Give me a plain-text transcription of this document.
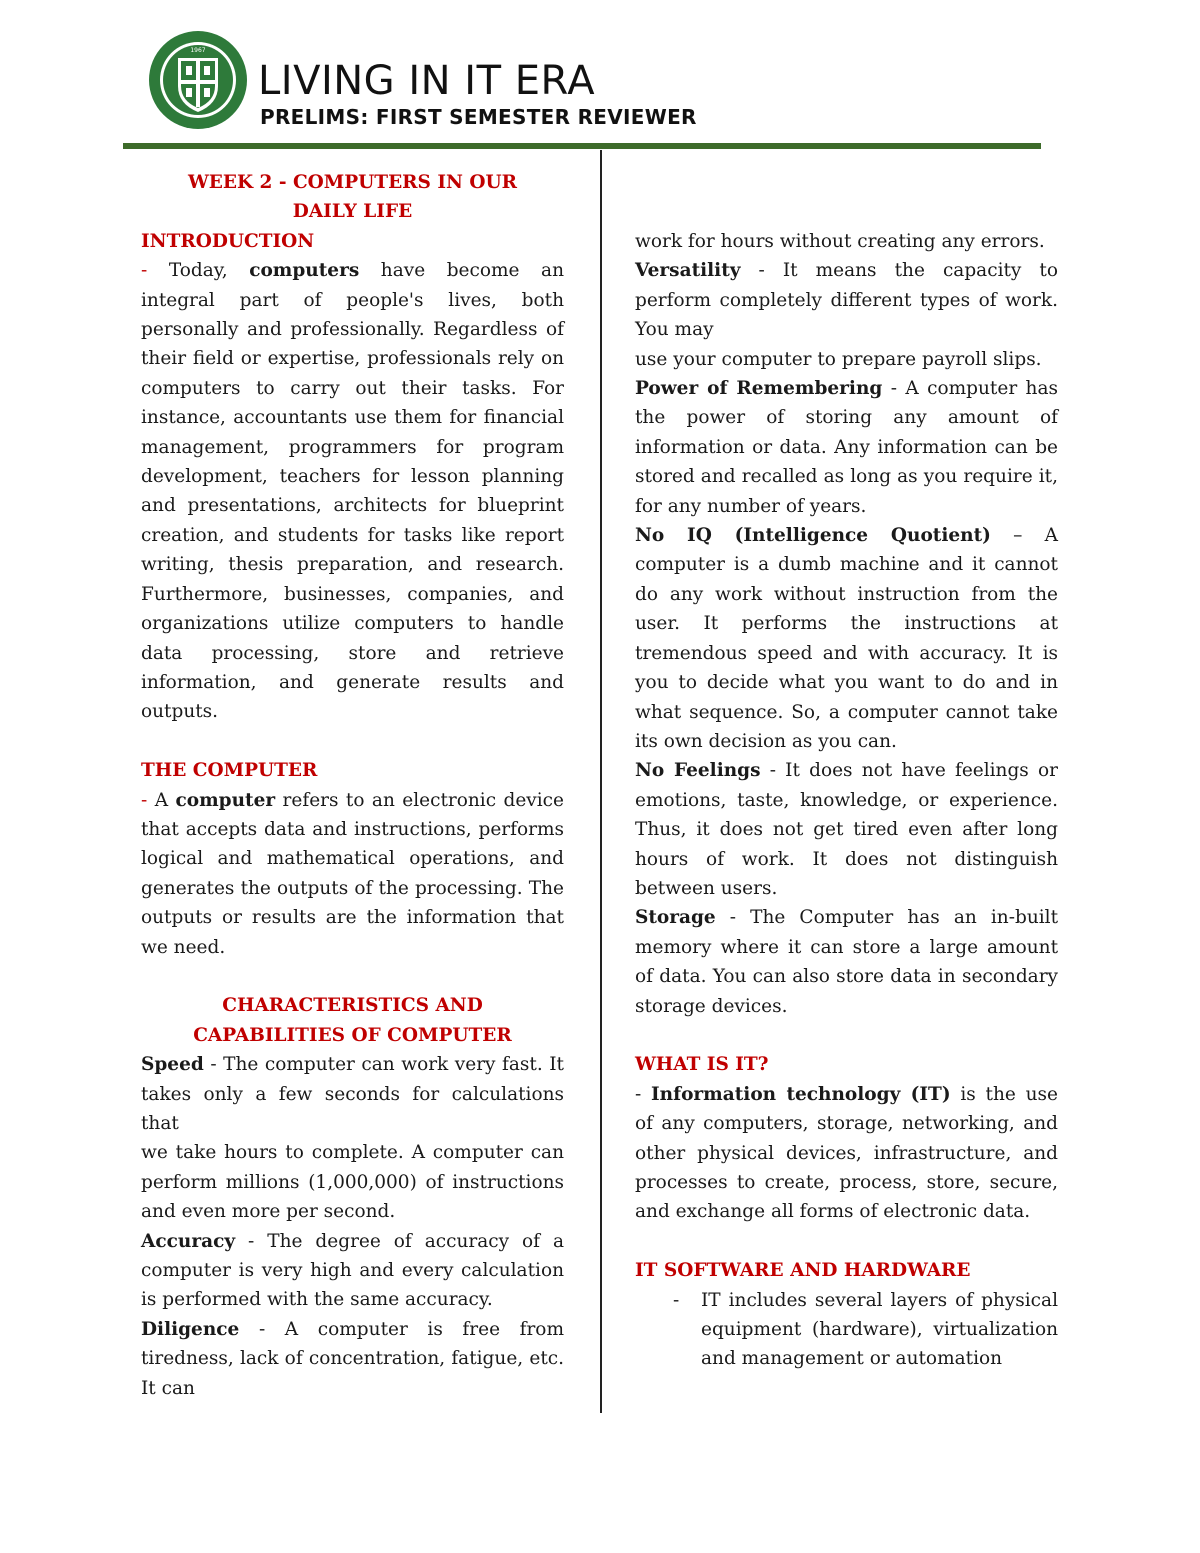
1967
LIVING IN IT ERA
PRELIMS: FIRST SEMESTER REVIEWER

WEEK 2 - COMPUTERS IN OUR

DAILY LIFE

INTRODUCTION

- Today, computers have become an integral part of people's lives, both personally and professionally. Regardless of their field or expertise, professionals rely on computers to carry out their tasks. For instance, accountants use them for financial management, programmers for program development, teachers for lesson planning and presentations, architects for blueprint creation, and students for tasks like report writing, thesis preparation, and research. Furthermore, businesses, companies, and organizations utilize computers to handle data processing, store and retrieve information, and generate results and outputs.

THE COMPUTER

- A computer refers to an electronic device that accepts data and instructions, performs logical and mathematical operations, and generates the outputs of the processing. The outputs or results are the information that we need.

CHARACTERISTICS AND

CAPABILITIES OF COMPUTER

Speed - The computer can work very fast. It takes only a few seconds for calculations that

we take hours to complete. A computer can perform millions (1,000,000) of instructions and even more per second.

Accuracy - The degree of accuracy of a computer is very high and every calculation is performed with the same accuracy.

Diligence - A computer is free from tiredness, lack of concentration, fatigue, etc. It can

work for hours without creating any errors.

Versatility - It means the capacity to perform completely different types of work. You may

use your computer to prepare payroll slips.

Power of Remembering - A computer has the power of storing any amount of information or data. Any information can be stored and recalled as long as you require it, for any number of years.

No IQ (Intelligence Quotient) – A computer is a dumb machine and it cannot do any work without instruction from the user. It performs the instructions at tremendous speed and with accuracy. It is you to decide what you want to do and in what sequence. So, a computer cannot take its own decision as you can.

No Feelings - It does not have feelings or emotions, taste, knowledge, or experience. Thus, it does not get tired even after long hours of work. It does not distinguish between users.

Storage - The Computer has an in-built memory where it can store a large amount of data. You can also store data in secondary storage devices.

WHAT IS IT?

- Information technology (IT) is the use of any computers, storage, networking, and other physical devices, infrastructure, and processes to create, process, store, secure, and exchange all forms of electronic data.

IT SOFTWARE AND HARDWARE

-	IT includes several layers of physical equipment (hardware), virtualization and management or automation
